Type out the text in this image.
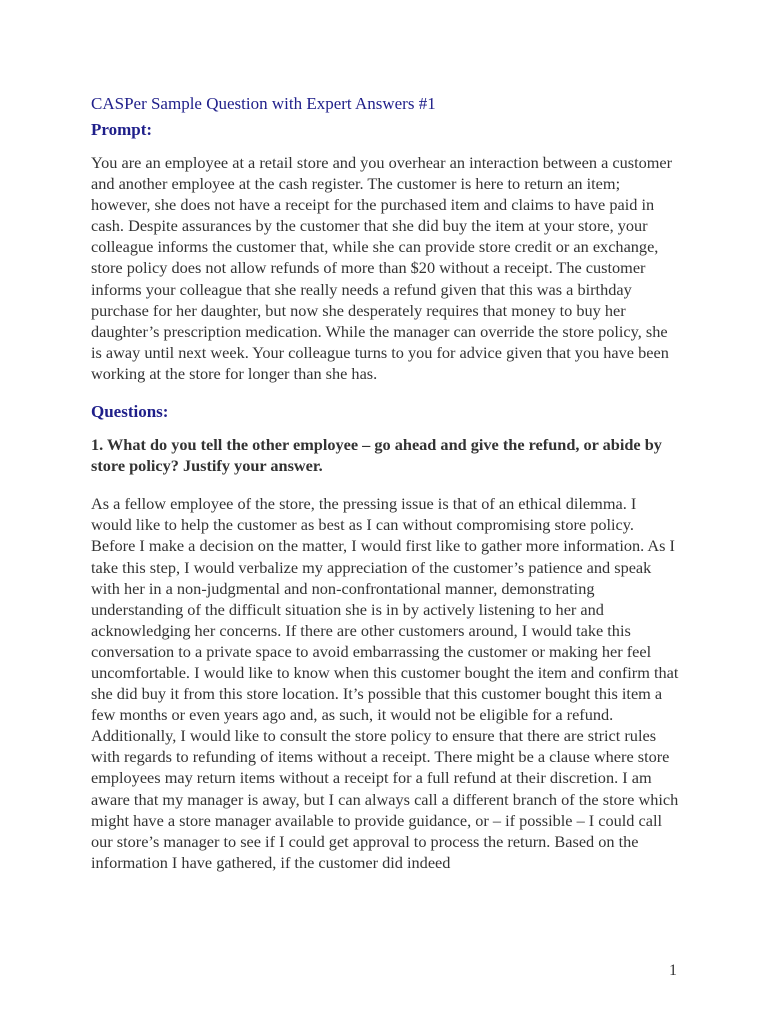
CASPer Sample Question with Expert Answers #1
Prompt:

You are an employee at a retail store and you overhear an interaction between a customer and another employee at the cash register. The customer is here to return an item; however, she does not have a receipt for the purchased item and claims to have paid in cash. Despite assurances by the customer that she did buy the item at your store, your colleague informs the customer that, while she can provide store credit or an exchange, store policy does not allow refunds of more than $20 without a receipt. The customer informs your colleague that she really needs a refund given that this was a birthday purchase for her daughter, but now she desperately requires that money to buy her daughter’s prescription medication. While the manager can override the store policy, she is away until next week. Your colleague turns to you for advice given that you have been working at the store for longer than she has.

Questions:

1. What do you tell the other employee – go ahead and give the refund, or abide by store policy? Justify your answer.

As a fellow employee of the store, the pressing issue is that of an ethical dilemma. I would like to help the customer as best as I can without compromising store policy. Before I make a decision on the matter, I would first like to gather more information. As I take this step, I would verbalize my appreciation of the customer’s patience and speak with her in a non-judgmental and non-confrontational manner, demonstrating understanding of the difficult situation she is in by actively listening to her and acknowledging her concerns. If there are other customers around, I would take this conversation to a private space to avoid embarrassing the customer or making her feel uncomfortable. I would like to know when this customer bought the item and confirm that she did buy it from this store location. It’s possible that this customer bought this item a few months or even years ago and, as such, it would not be eligible for a refund. Additionally, I would like to consult the store policy to ensure that there are strict rules with regards to refunding of items without a receipt. There might be a clause where store employees may return items without a receipt for a full refund at their discretion. I am aware that my manager is away, but I can always call a different branch of the store which might have a store manager available to provide guidance, or – if possible – I could call our store’s manager to see if I could get approval to process the return. Based on the information I have gathered, if the customer did indeed

1
